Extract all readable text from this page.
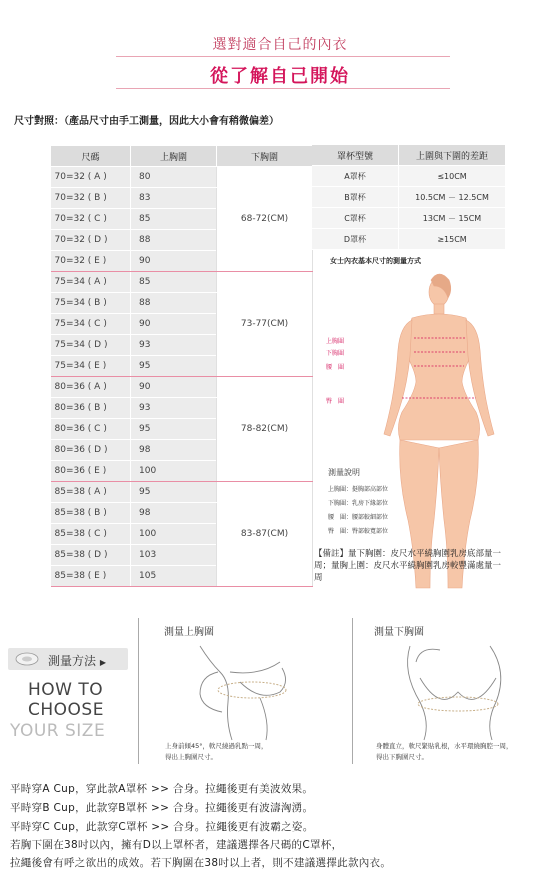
選對適合自己的內衣
從了解自己開始
尺寸對照：（產品尺寸由手工測量，因此大小會有稍微偏差）
尺碼	上胸圍	下胸圍
70=32 ( A )	80	68-72(CM)
70=32 ( B )	83	
70=32 ( C )	85	
70=32 ( D )	88	
70=32 ( E )	90	
75=34 ( A )	85	73-77(CM)
75=34 ( B )	88	
75=34 ( C )	90	
75=34 ( D )	93	
75=34 ( E )	95	
80=36 ( A )	90	78-82(CM)
80=36 ( B )	93	
80=36 ( C )	95	
80=36 ( D )	98	
80=36 ( E )	100	
85=38 ( A )	95	83-87(CM)
85=38 ( B )	98	
85=38 ( C )	100	
85=38 ( D )	103	
85=38 ( E )	105	
罩杯型號	上圍與下圍的差距
A罩杯	≤10CM
B罩杯	10.5CM － 12.5CM
C罩杯	13CM － 15CM
D罩杯	≥15CM
女士內衣基本尺寸的測量方式
上胸圍
下胸圍
腰　圍
臀　圍
測量說明
上胸圍：挺胸部高部位
下胸圍：乳房下緣部位
腰　圍：腰部較細部位
臀　圍：臀部較寬部位
【備註】量下胸圍：皮尺水平繞胸圍乳房底部量一周；量胸上圍：皮尺水平繞胸圍乳房較豐滿處量一周
測量方法 ▶
HOW TO
CHOOSE
YOUR SIZE
測量上胸圍
上身前傾45°，軟尺繞過乳點一周，
得出上胸圍尺寸。
測量下胸圍
身體直立，軟尺緊貼乳根，水平環繞胸腔一周，
得出下胸圍尺寸。
平時穿A Cup，穿此款A罩杯 >> 合身。拉繩後更有美波效果。
平時穿B Cup，此款穿B罩杯 >> 合身。拉繩後更有波濤洶湧。
平時穿C Cup，此款穿C罩杯 >> 合身。拉繩後更有波霸之姿。
若胸下圍在38吋以內，擁有D以上罩杯者，建議選擇各尺碼的C罩杯，
拉繩後會有呼之欲出的成效。若下胸圍在38吋以上者，則不建議選擇此款內衣。
